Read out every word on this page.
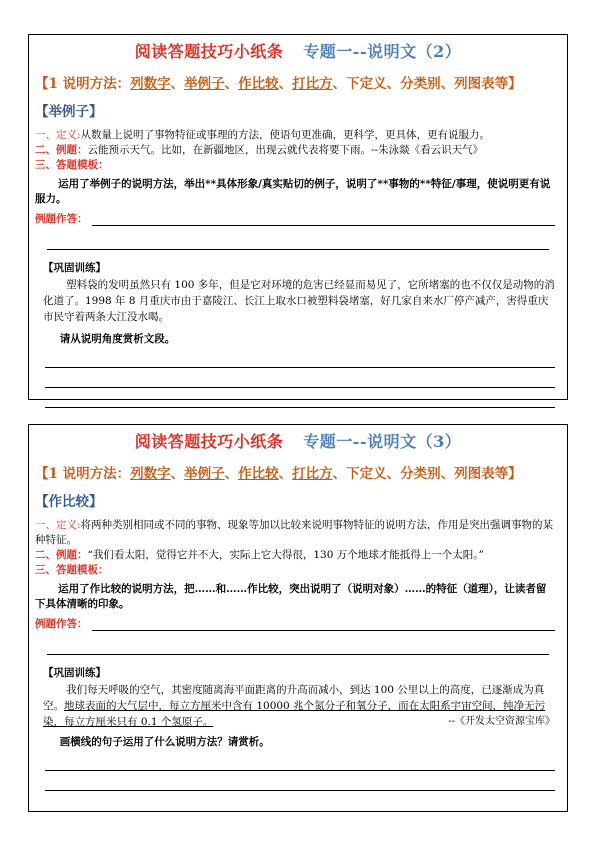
阅读答题技巧小纸条 专题一--说明文（2）
【1 说明方法：列数字、举例子、作比较、打比方、下定义、分类别、列图表等】
【举例子】
一、定义:从数量上说明了事物特征或事理的方法，使语句更准确，更科学，更具体，更有说服力。
二、例题：云能预示天气。比如，在新疆地区，出现云就代表将要下雨。--朱泳燚《看云识天气》
三、答题模板：
运用了举例子的说明方法，举出**具体形象/真实贴切的例子，说明了**事物的**特征/事理，使说明更有说服力。
例题作答：
【巩固训练】
塑料袋的发明虽然只有 100 多年，但是它对环境的危害已经显而易见了，它所堵塞的也不仅仅是动物的消化道了。1998 年 8 月重庆市由于嘉陵江、长江上取水口被塑料袋堵塞，好几家自来水厂停产减产，害得重庆市民守着两条大江没水喝。
请从说明角度赏析文段。
阅读答题技巧小纸条 专题一--说明文（3）
【1 说明方法：列数字、举例子、作比较、打比方、下定义、分类别、列图表等】
【作比较】
一、定义:将两种类别相同或不同的事物、现象等加以比较来说明事物特征的说明方法，作用是突出强调事物的某种特征。
二、例题：“我们看太阳，觉得它并不大，实际上它大得很，130 万个地球才能抵得上一个太阳。”
三、答题模板：
运用了作比较的说明方法，把……和……作比较，突出说明了（说明对象）……的特征（道理），让读者留下具体清晰的印象。
例题作答：
【巩固训练】
我们每天呼吸的空气，其密度随离海平面距离的升高而减小，到达 100 公里以上的高度，已逐渐成为真空。地球表面的大气层中，每立方厘米中含有 10000 兆个氮分子和氧分子，而在太阳系宇宙空间，纯净无污染，每立方厘米只有 0.1 个氢原子。	--《开发太空资源宝库》
画横线的句子运用了什么说明方法？请赏析。
